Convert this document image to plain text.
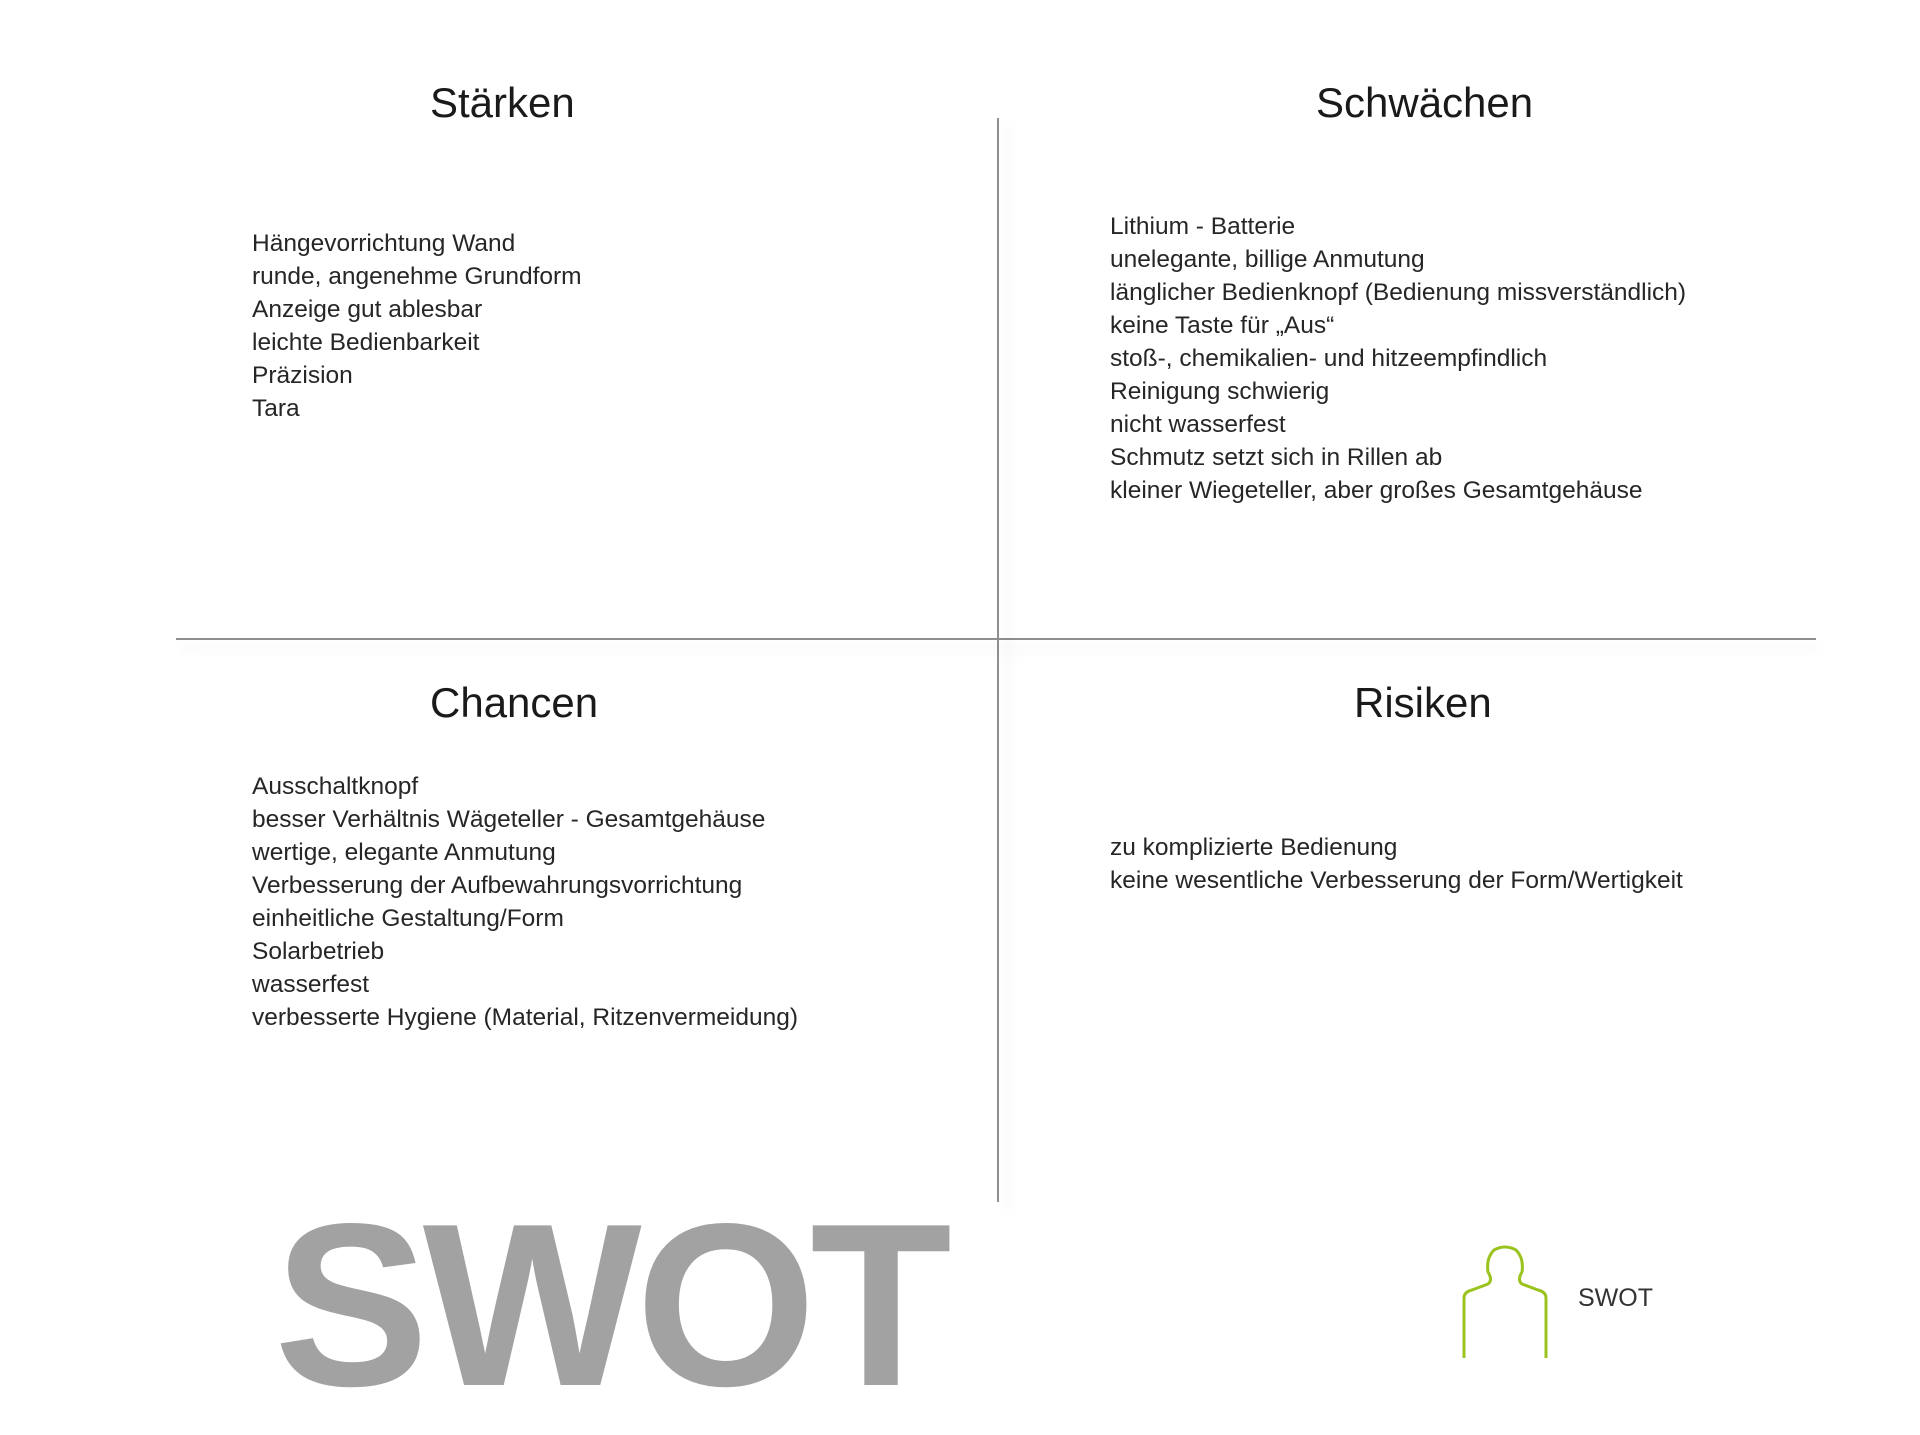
Stärken	Schwächen
Chancen	Risiken
Hängevorrichtung Wand
runde, angenehme Grundform
Anzeige gut ablesbar
leichte Bedienbarkeit
Präzision
Tara
Lithium - Batterie
unelegante, billige Anmutung
länglicher Bedienknopf (Bedienung missverständlich)
keine Taste für „Aus“
stoß-, chemikalien- und hitzeempfindlich
Reinigung schwierig
nicht wasserfest
Schmutz setzt sich in Rillen ab
kleiner Wiegeteller, aber großes Gesamtgehäuse
Ausschaltknopf
besser Verhältnis Wägeteller - Gesamtgehäuse
wertige, elegante Anmutung
Verbesserung der Aufbewahrungsvorrichtung
einheitliche Gestaltung/Form
Solarbetrieb
wasserfest
verbesserte Hygiene (Material, Ritzenvermeidung)
zu komplizierte Bedienung
keine wesentliche Verbesserung der Form/Wertigkeit
SWOT	SWOT
